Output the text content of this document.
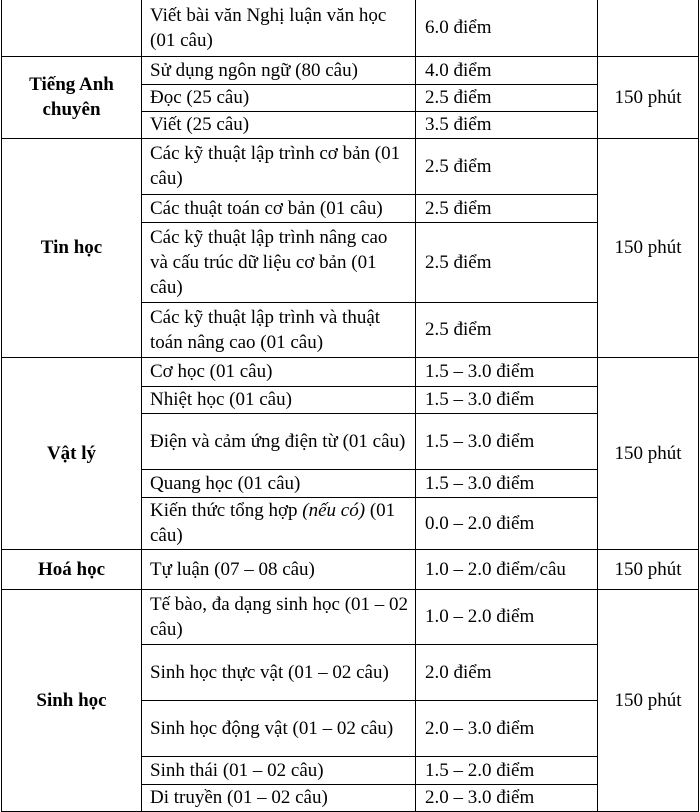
	Viết bài văn Nghị luận văn học (01 câu)	6.0 điểm	
Tiếng Anh chuyên	Sử dụng ngôn ngữ (80 câu)	4.0 điểm	150 phút
	Đọc (25 câu)	2.5 điểm	
	Viết (25 câu)	3.5 điểm	
Tin học	Các kỹ thuật lập trình cơ bản (01 câu)	2.5 điểm	150 phút
	Các thuật toán cơ bản (01 câu)	2.5 điểm	
	Các kỹ thuật lập trình nâng cao và cấu trúc dữ liệu cơ bản (01 câu)	2.5 điểm	
	Các kỹ thuật lập trình và thuật toán nâng cao (01 câu)	2.5 điểm	
Vật lý	Cơ học (01 câu)	1.5 – 3.0 điểm	150 phút
	Nhiệt học (01 câu)	1.5 – 3.0 điểm	
	Điện và cảm ứng điện từ (01 câu)	1.5 – 3.0 điểm	
	Quang học (01 câu)	1.5 – 3.0 điểm	
	Kiến thức tổng hợp (nếu có) (01 câu)	0.0 – 2.0 điểm	
Hoá học	Tự luận (07 – 08 câu)	1.0 – 2.0 điểm/câu	150 phút
Sinh học	Tế bào, đa dạng sinh học (01 – 02 câu)	1.0 – 2.0 điểm	150 phút
	Sinh học thực vật (01 – 02 câu)	2.0 điểm	
	Sinh học động vật (01 – 02 câu)	2.0 – 3.0 điểm	
	Sinh thái (01 – 02 câu)	1.5 – 2.0 điểm	
	Di truyền (01 – 02 câu)	2.0 – 3.0 điểm	
